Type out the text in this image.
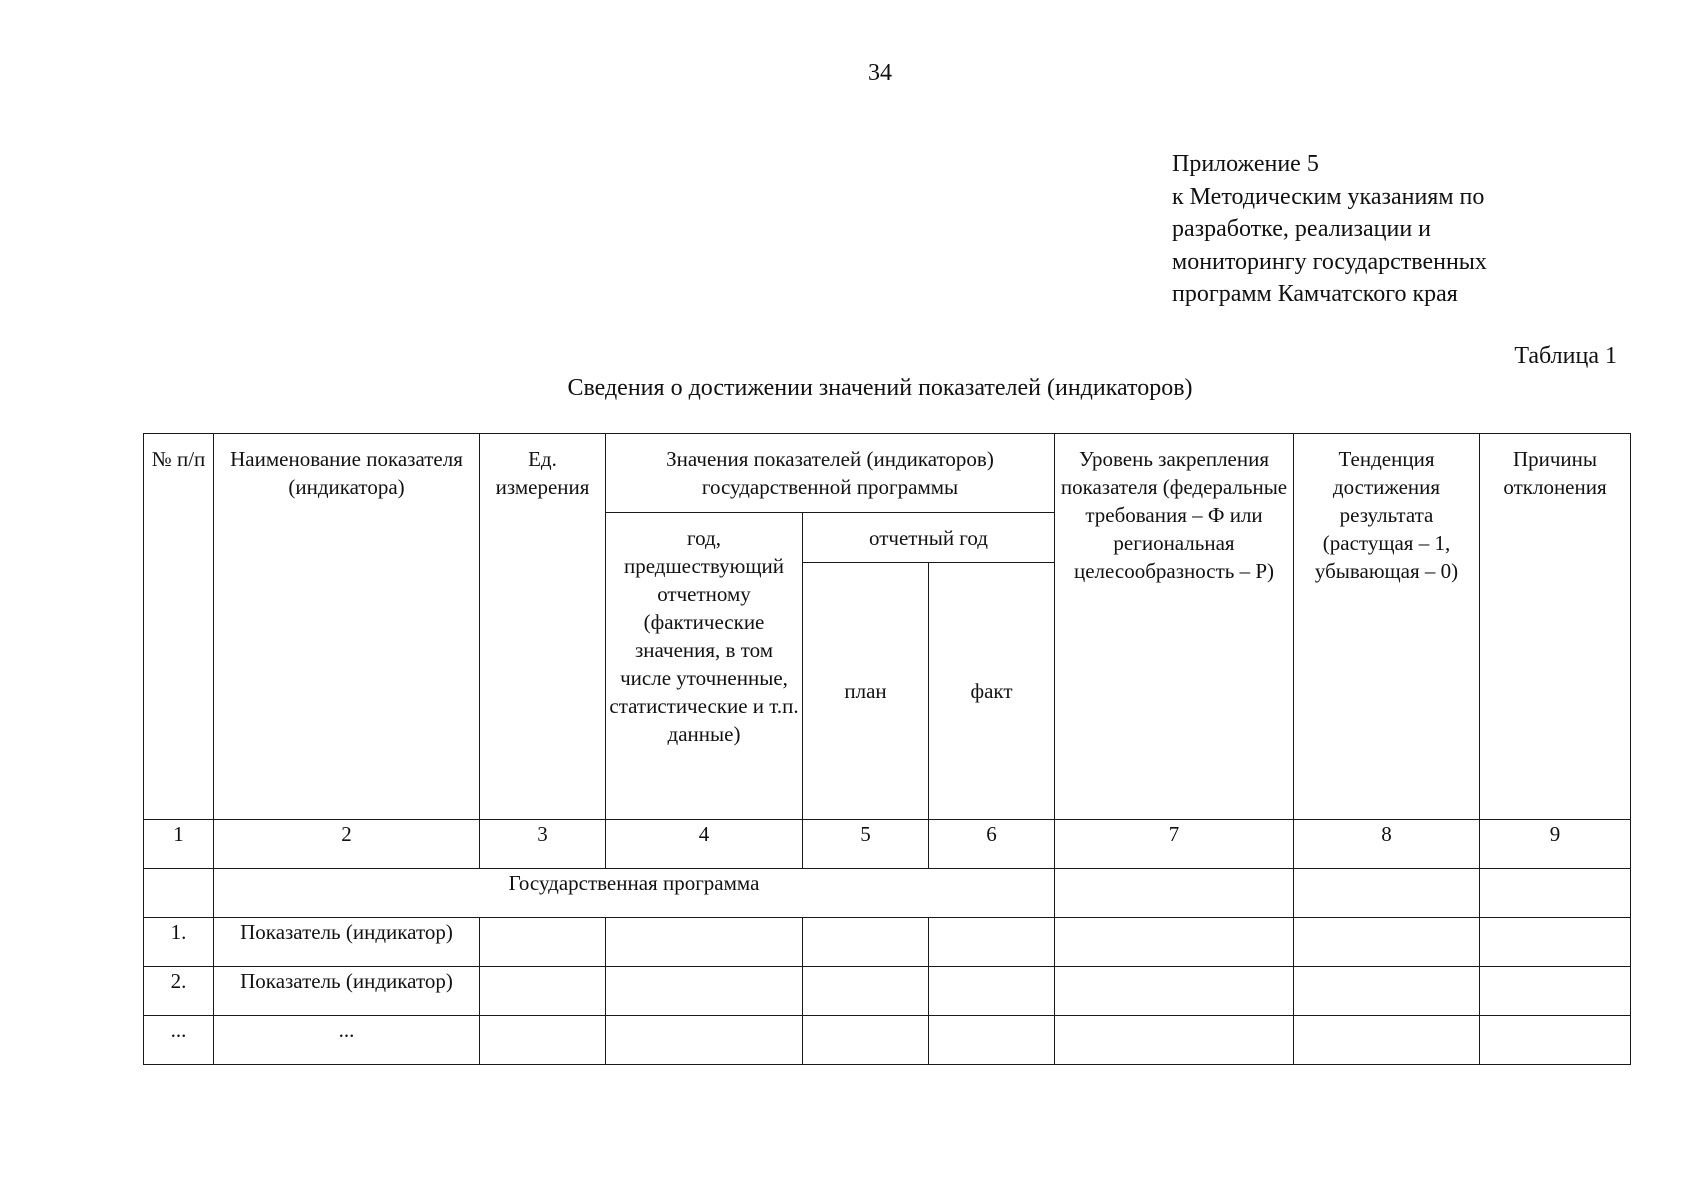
34
Приложение 5
к Методическим указаниям по
разработке, реализации и
мониторингу государственных
программ Камчатского края
Таблица 1
Сведения о достижении значений показателей (индикаторов)
№ п/п	Наименование показателя (индикатора)	Ед. измерения	Значения показателей (индикаторов) государственной программы			Уровень закрепления показателя (федеральные требования – Ф или региональная целесообразность – Р)	Тенденция достижения результата (растущая – 1, убывающая – 0)	Причины отклонения
			год, предшествующий отчетному (фактические значения, в том числе уточненные, статистические и т.п. данные)	отчетный год				
				план	факт			
1	2	3	4	5	6	7	8	9
	Государственная программа							
1.	Показатель (индикатор)							
2.	Показатель (индикатор)							
...	...							
